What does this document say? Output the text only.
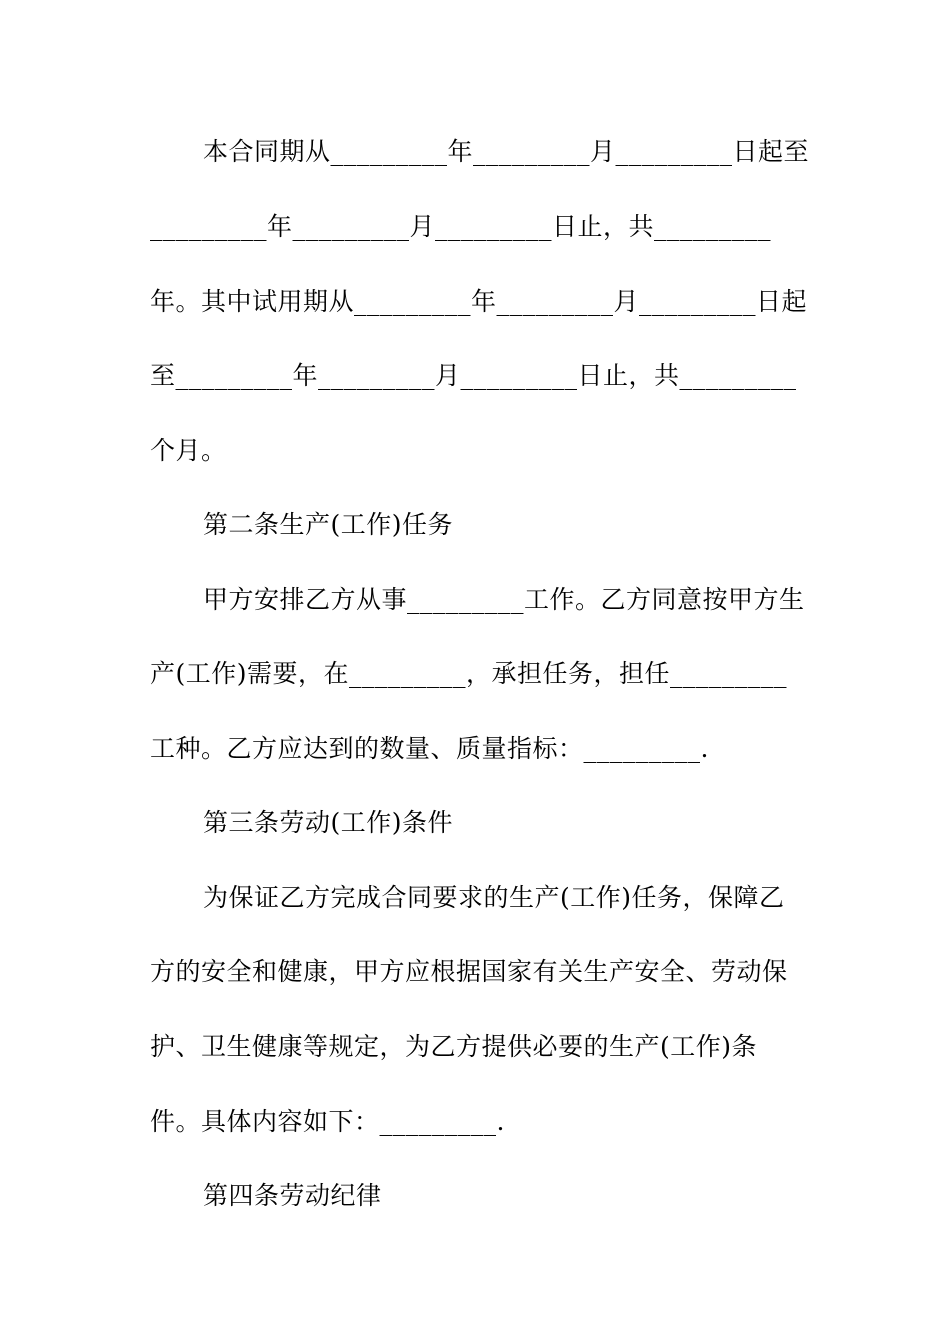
本合同期从_________年_________月_________日起至
_________年_________月_________日止，共_________
年。其中试用期从_________年_________月_________日起
至_________年_________月_________日止，共_________
个月。
第二条生产(工作)任务
甲方安排乙方从事_________工作。乙方同意按甲方生
产(工作)需要，在_________，承担任务，担任_________
工种。乙方应达到的数量、质量指标：_________.
第三条劳动(工作)条件
为保证乙方完成合同要求的生产(工作)任务，保障乙
方的安全和健康，甲方应根据国家有关生产安全、劳动保
护、卫生健康等规定，为乙方提供必要的生产(工作)条
件。具体内容如下：_________.
第四条劳动纪律
